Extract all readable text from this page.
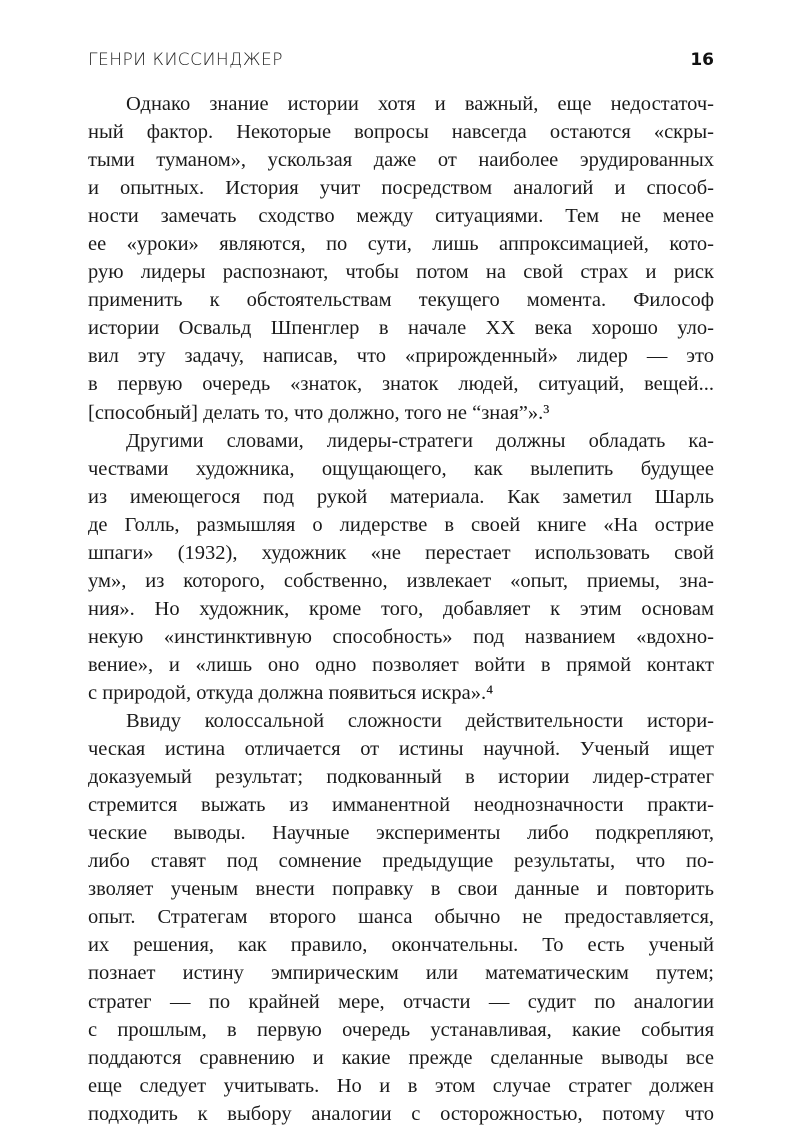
ГЕНРИ КИССИНДЖЕР	16
Однако знание истории хотя и важный, еще недостаточ-
ный фактор. Некоторые вопросы навсегда остаются «скры-
тыми туманом», ускользая даже от наиболее эрудированных
и опытных. История учит посредством аналогий и способ-
ности замечать сходство между ситуациями. Тем не менее
ее «уроки» являются, по сути, лишь аппроксимацией, кото-
рую лидеры распознают, чтобы потом на свой страх и риск
применить к обстоятельствам текущего момента. Философ
истории Освальд Шпенглер в начале XX века хорошо уло-
вил эту задачу, написав, что «прирожденный» лидер — это
в первую очередь «знаток, знаток людей, ситуаций, вещей...
[способный] делать то, что должно, того не “зная”».³
Другими словами, лидеры-стратеги должны обладать ка-
чествами художника, ощущающего, как вылепить будущее
из имеющегося под рукой материала. Как заметил Шарль
де Голль, размышляя о лидерстве в своей книге «На острие
шпаги» (1932), художник «не перестает использовать свой
ум», из которого, собственно, извлекает «опыт, приемы, зна-
ния». Но художник, кроме того, добавляет к этим основам
некую «инстинктивную способность» под названием «вдохно-
вение», и «лишь оно одно позволяет войти в прямой контакт
с природой, откуда должна появиться искра».⁴
Ввиду колоссальной сложности действительности истори-
ческая истина отличается от истины научной. Ученый ищет
доказуемый результат; подкованный в истории лидер-стратег
стремится выжать из имманентной неоднозначности практи-
ческие выводы. Научные эксперименты либо подкрепляют,
либо ставят под сомнение предыдущие результаты, что по-
зволяет ученым внести поправку в свои данные и повторить
опыт. Стратегам второго шанса обычно не предоставляется,
их решения, как правило, окончательны. То есть ученый
познает истину эмпирическим или математическим путем;
стратег — по крайней мере, отчасти — судит по аналогии
с прошлым, в первую очередь устанавливая, какие события
поддаются сравнению и какие прежде сделанные выводы все
еще следует учитывать. Но и в этом случае стратег должен
подходить к выбору аналогии с осторожностью, потому что
